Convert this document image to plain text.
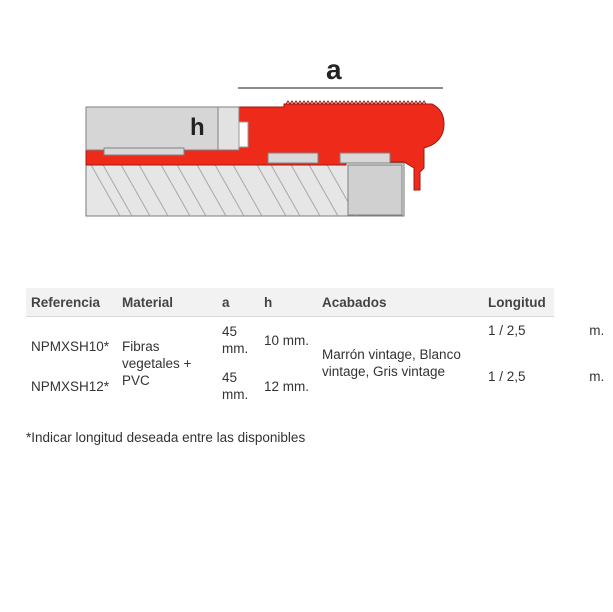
a
h
Referencia	Material	a	h	Acabados	Longitud
NPMXSH10*	Fibras vegetales + PVC	45 mm.	10 mm.	Marrón vintage, Blanco vintage, Gris vintage	1 / 2,5 m.
NPMXSH12*		45 mm.	12 mm.		1 / 2,5 m.
*Indicar longitud deseada entre las disponibles
